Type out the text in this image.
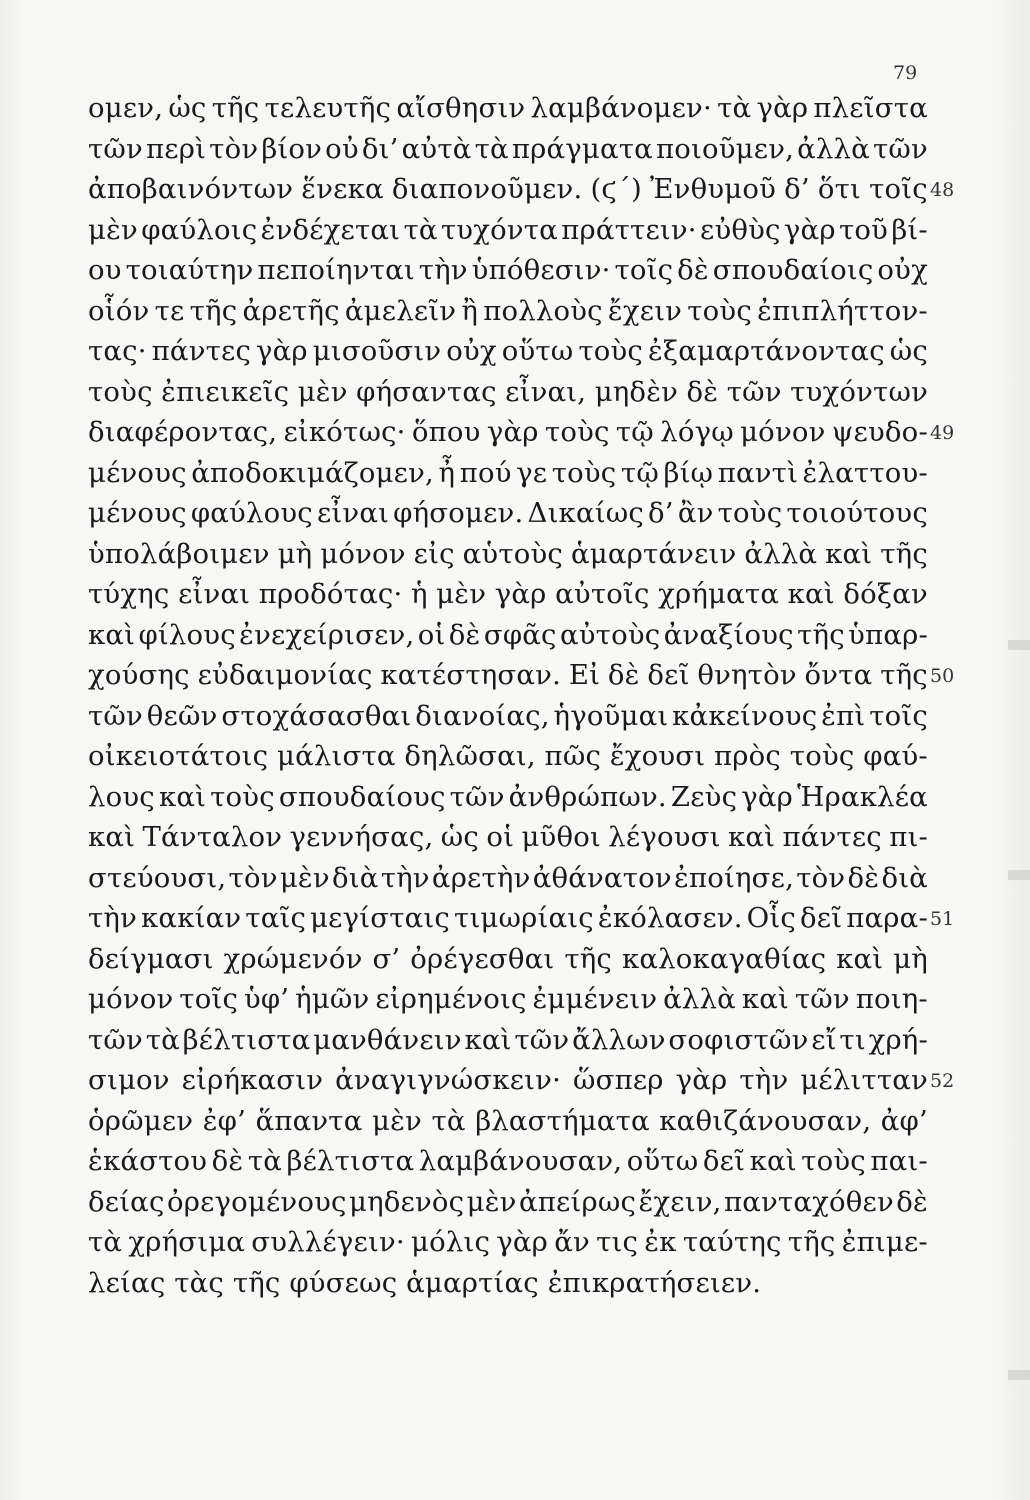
79
ομεν, ὡς τῆς τελευτῆς αἴσθησιν λαμβάνομεν· τὰ γὰρ πλεῖστα
τῶν περὶ τὸν βίον οὐ δι’ αὐτὰ τὰ πράγματα ποιοῦμεν, ἀλλὰ τῶν
ἀποβαινόντων ἕνεκα διαπονοῦμεν. (ϛ΄) Ἐνθυμοῦ δ’ ὅτι τοῖς
μὲν φαύλοις ἐνδέχεται τὰ τυχόντα πράττειν· εὐθὺς γὰρ τοῦ βί-
ου τοιαύτην πεποίηνται τὴν ὑπόθεσιν· τοῖς δὲ σπουδαίοις οὐχ
οἷόν τε τῆς ἀρετῆς ἀμελεῖν ἢ πολλοὺς ἔχειν τοὺς ἐπιπλήττον-
τας· πάντες γὰρ μισοῦσιν οὐχ οὕτω τοὺς ἐξαμαρτάνοντας ὡς
τοὺς ἐπιεικεῖς μὲν φήσαντας εἶναι, μηδὲν δὲ τῶν τυχόντων
διαφέροντας, εἰκότως· ὅπου γὰρ τοὺς τῷ λόγῳ μόνον ψευδο-
μένους ἀποδοκιμάζομεν, ἦ πού γε τοὺς τῷ βίῳ παντὶ ἐλαττου-
μένους φαύλους εἶναι φήσομεν. Δικαίως δ’ ἂν τοὺς τοιούτους
ὑπολάβοιμεν μὴ μόνον εἰς αὑτοὺς ἁμαρτάνειν ἀλλὰ καὶ τῆς
τύχης εἶναι προδότας· ἡ μὲν γὰρ αὐτοῖς χρήματα καὶ δόξαν
καὶ φίλους ἐνεχείρισεν, οἱ δὲ σφᾶς αὐτοὺς ἀναξίους τῆς ὑπαρ-
χούσης εὐδαιμονίας κατέστησαν. Εἰ δὲ δεῖ θνητὸν ὄντα τῆς
τῶν θεῶν στοχάσασθαι διανοίας, ἡγοῦμαι κἀκείνους ἐπὶ τοῖς
οἰκειοτάτοις μάλιστα δηλῶσαι, πῶς ἔχουσι πρὸς τοὺς φαύ-
λους καὶ τοὺς σπουδαίους τῶν ἀνθρώπων. Ζεὺς γὰρ Ἡρακλέα
καὶ Τάνταλον γεννήσας, ὡς οἱ μῦθοι λέγουσι καὶ πάντες πι-
στεύουσι, τὸν μὲν διὰ τὴν ἀρετὴν ἀθάνατον ἐποίησε, τὸν δὲ διὰ
τὴν κακίαν ταῖς μεγίσταις τιμωρίαις ἐκόλασεν. Οἷς δεῖ παρα-
δείγμασι χρώμενόν σ’ ὀρέγεσθαι τῆς καλοκαγαθίας καὶ μὴ
μόνον τοῖς ὑφ’ ἡμῶν εἰρημένοις ἐμμένειν ἀλλὰ καὶ τῶν ποιη-
τῶν τὰ βέλτιστα μανθάνειν καὶ τῶν ἄλλων σοφιστῶν εἴ τι χρή-
σιμον εἰρήκασιν ἀναγιγνώσκειν· ὥσπερ γὰρ τὴν μέλιτταν
ὁρῶμεν ἐφ’ ἅπαντα μὲν τὰ βλαστήματα καθιζάνουσαν, ἀφ’
ἑκάστου δὲ τὰ βέλτιστα λαμβάνουσαν, οὕτω δεῖ καὶ τοὺς παι-
δείας ὀρεγομένους μηδενὸς μὲν ἀπείρως ἔχειν, πανταχόθεν δὲ
τὰ χρήσιμα συλλέγειν· μόλις γὰρ ἄν τις ἐκ ταύτης τῆς ἐπιμε-
λείας τὰς τῆς φύσεως ἁμαρτίας ἐπικρατήσειεν.
48
49
50
51
52
